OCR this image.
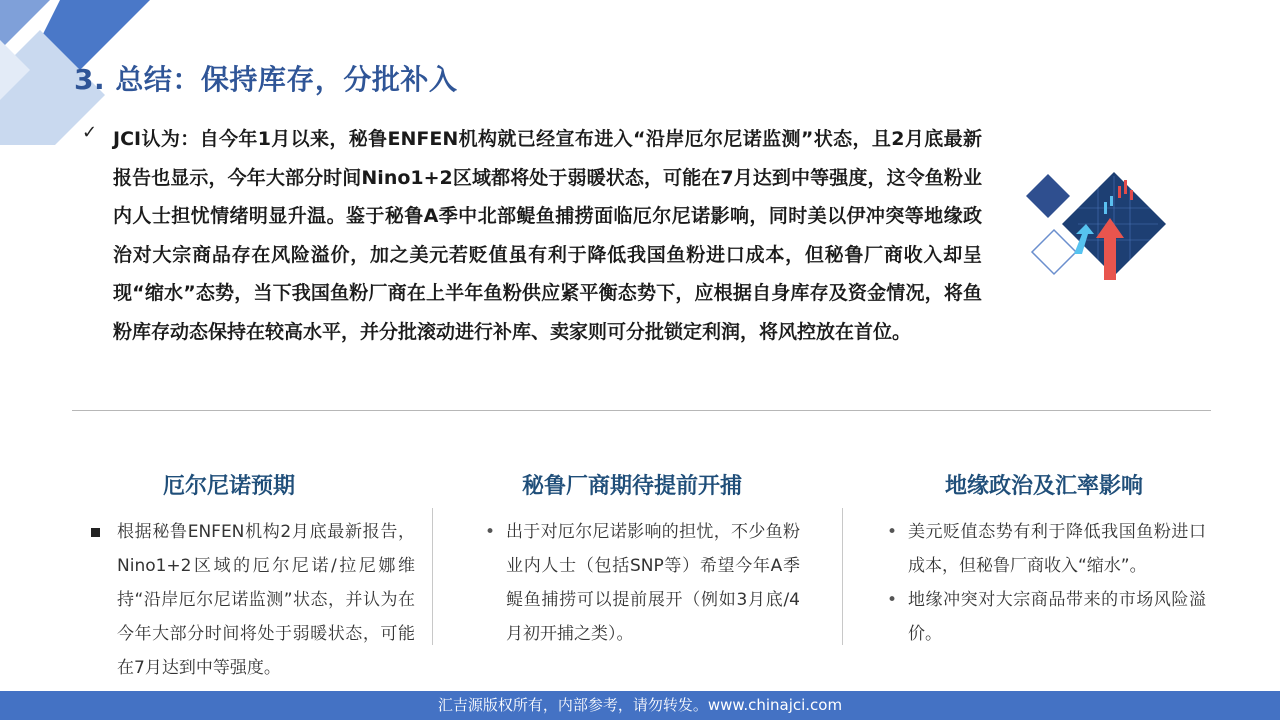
3. 总结：保持库存，分批补入
✓ JCI认为：自今年1月以来，秘鲁ENFEN机构就已经宣布进入“沿岸厄尔尼诺监测”状态，且2月底最新报告也显示，今年大部分时间Nino1+2区域都将处于弱暖状态，可能在7月达到中等强度，这令鱼粉业内人士担忧情绪明显升温。鉴于秘鲁A季中北部鳀鱼捕捞面临厄尔尼诺影响，同时美以伊冲突等地缘政治对大宗商品存在风险溢价，加之美元若贬值虽有利于降低我国鱼粉进口成本，但秘鲁厂商收入却呈现“缩水”态势，当下我国鱼粉厂商在上半年鱼粉供应紧平衡态势下，应根据自身库存及资金情况，将鱼粉库存动态保持在较高水平，并分批滚动进行补库、卖家则可分批锁定利润，将风控放在首位。
厄尔尼诺预期	秘鲁厂商期待提前开捕	地缘政治及汇率影响
根据秘鲁ENFEN机构2月底最新报告，Nino1+2区域的厄尔尼诺/拉尼娜维持“沿岸厄尔尼诺监测”状态，并认为在今年大部分时间将处于弱暖状态，可能在7月达到中等强度。
• 出于对厄尔尼诺影响的担忧，不少鱼粉业内人士（包括SNP等）希望今年A季鳀鱼捕捞可以提前展开（例如3月底/4月初开捕之类）。
• 美元贬值态势有利于降低我国鱼粉进口成本，但秘鲁厂商收入“缩水”。
• 地缘冲突对大宗商品带来的市场风险溢价。
汇吉源版权所有，内部参考，请勿转发。www.chinajci.com
